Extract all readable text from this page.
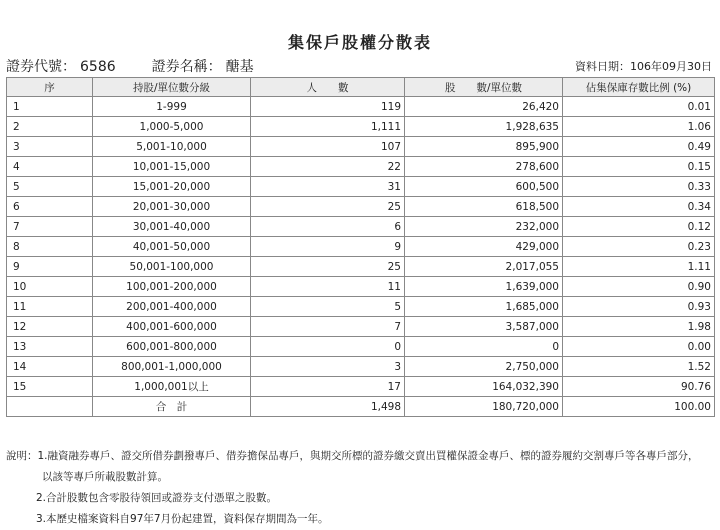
集保戶股權分散表
證券代號： 6586	證券名稱： 醣基	資料日期：106年09月30日
序	持股/單位數分級	人　　數	股　　數/單位數	佔集保庫存數比例 (%)
1	1-999	119	26,420	0.01
2	1,000-5,000	1,111	1,928,635	1.06
3	5,001-10,000	107	895,900	0.49
4	10,001-15,000	22	278,600	0.15
5	15,001-20,000	31	600,500	0.33
6	20,001-30,000	25	618,500	0.34
7	30,001-40,000	6	232,000	0.12
8	40,001-50,000	9	429,000	0.23
9	50,001-100,000	25	2,017,055	1.11
10	100,001-200,000	11	1,639,000	0.90
11	200,001-400,000	5	1,685,000	0.93
12	400,001-600,000	7	3,587,000	1.98
13	600,001-800,000	0	0	0.00
14	800,001-1,000,000	3	2,750,000	1.52
15	1,000,001以上	17	164,032,390	90.76
	合　計	1,498	180,720,000	100.00
說明：1.融資融券專戶、證交所借券劃撥專戶、借券擔保品專戶，與期交所標的證券繳交賣出買權保證金專戶、標的證券履約交割專戶等各專戶部分，
以該等專戶所載股數計算。
2.合計股數包含零股待領回或證券支付憑單之股數。
3.本歷史檔案資料自97年7月份起建置，資料保存期間為一年。
